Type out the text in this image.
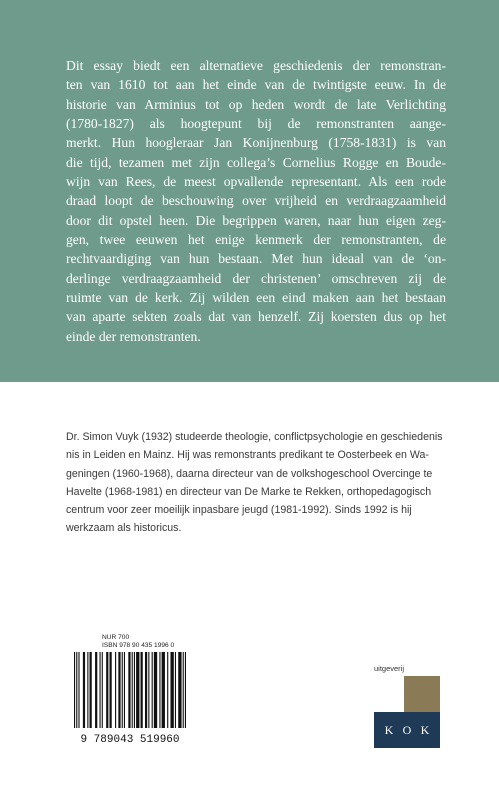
Dit essay biedt een alternatieve geschiedenis der remonstran-
ten van 1610 tot aan het einde van de twintigste eeuw. In de
historie van Arminius tot op heden wordt de late Verlichting
(1780-1827) als hoogtepunt bij de remonstranten aange-
merkt. Hun hoogleraar Jan Konijnenburg (1758-1831) is van
die tijd, tezamen met zijn collega’s Cornelius Rogge en Boude-
wijn van Rees, de meest opvallende representant. Als een rode
draad loopt de beschouwing over vrijheid en verdraagzaamheid
door dit opstel heen. Die begrippen waren, naar hun eigen zeg-
gen, twee eeuwen het enige kenmerk der remonstranten, de
rechtvaardiging van hun bestaan. Met hun ideaal van de ‘on-
derlinge verdraagzaamheid der christenen’ omschreven zij de
ruimte van de kerk. Zij wilden een eind maken aan het bestaan
van aparte sekten zoals dat van henzelf. Zij koersten dus op het
einde der remonstranten.
Dr. Simon Vuyk (1932) studeerde theologie, conflictpsychologie en geschiedenis
nis in Leiden en Mainz. Hij was remonstrants predikant te Oosterbeek en Wa-
geningen (1960-1968), daarna directeur van de volkshogeschool Overcinge te
Havelte (1968-1981) en directeur van De Marke te Rekken, orthopedagogisch
centrum voor zeer moeilijk inpasbare jeugd (1981-1992). Sinds 1992 is hij
werkzaam als historicus.
NUR 700
ISBN 978 90 435 1996 0
9 789043 519960
uitgeverij
K O K
